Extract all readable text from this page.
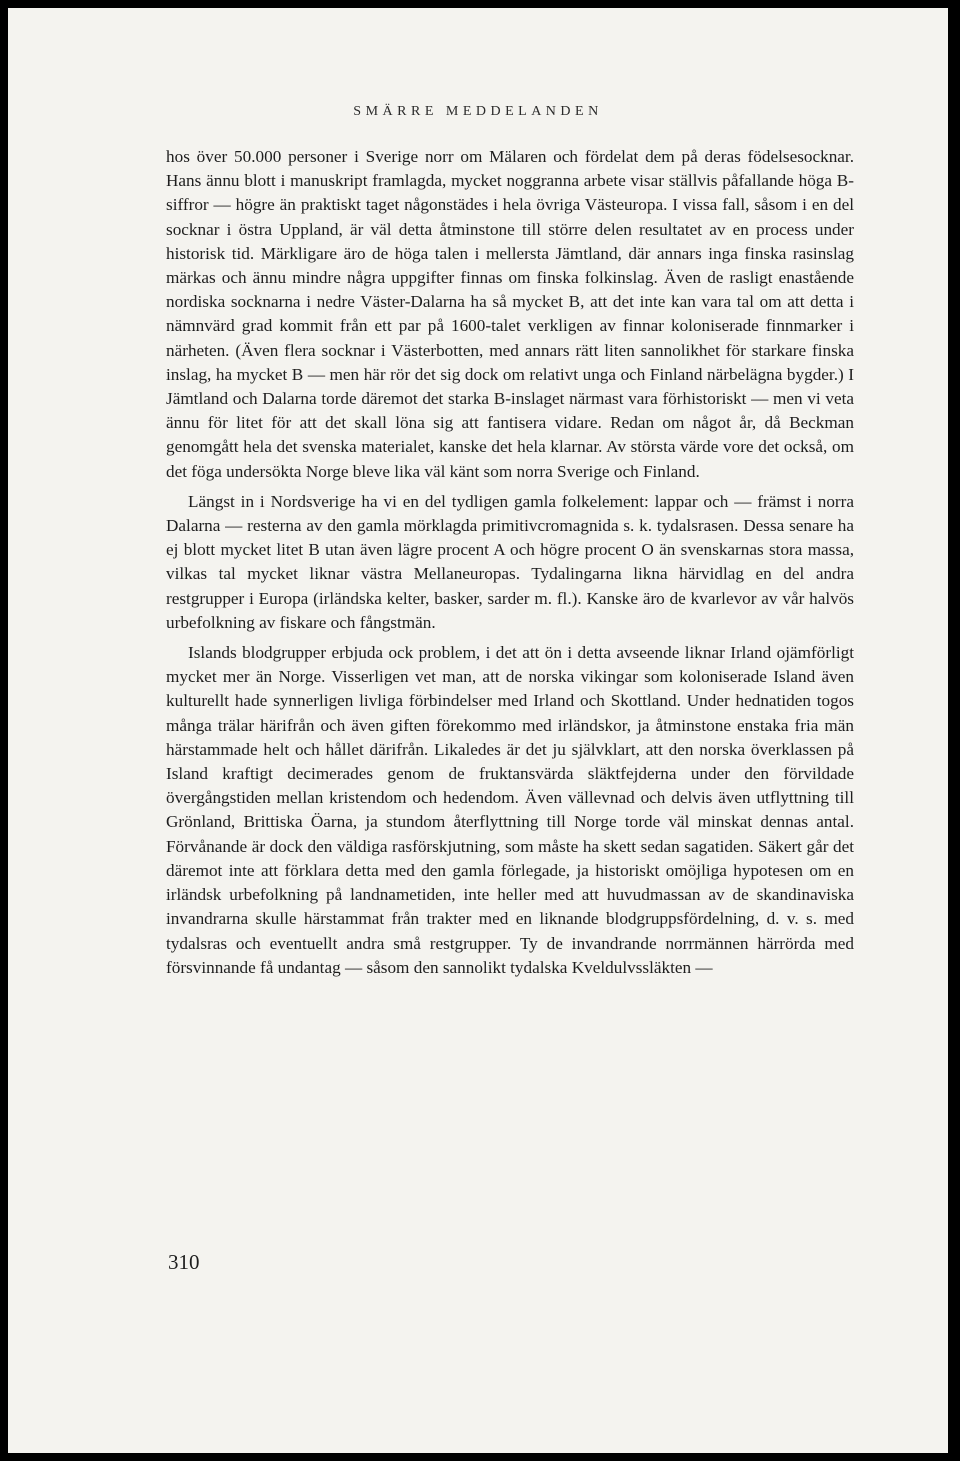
SMÄRRE MEDDELANDEN

hos över 50.000 personer i Sverige norr om Mälaren och fördelat dem på deras födelsesocknar. Hans ännu blott i manuskript framlagda, mycket noggranna arbete visar ställvis påfallande höga B-siffror — högre än praktiskt taget någonstädes i hela övriga Västeuropa. I vissa fall, såsom i en del socknar i östra Uppland, är väl detta åtminstone till större delen resultatet av en process under historisk tid. Märkligare äro de höga talen i mellersta Jämtland, där annars inga finska rasinslag märkas och ännu mindre några uppgifter finnas om finska folkinslag. Även de rasligt enastående nordiska socknarna i nedre Väster-Dalarna ha så mycket B, att det inte kan vara tal om att detta i nämnvärd grad kommit från ett par på 1600-talet verkligen av finnar koloniserade finnmarker i närheten. (Även flera socknar i Västerbotten, med annars rätt liten sannolikhet för starkare finska inslag, ha mycket B — men här rör det sig dock om relativt unga och Finland närbelägna bygder.) I Jämtland och Dalarna torde däremot det starka B-inslaget närmast vara förhistoriskt — men vi veta ännu för litet för att det skall löna sig att fantisera vidare. Redan om något år, då Beckman genomgått hela det svenska materialet, kanske det hela klarnar. Av största värde vore det också, om det föga undersökta Norge bleve lika väl känt som norra Sverige och Finland.

Längst in i Nordsverige ha vi en del tydligen gamla folkelement: lappar och — främst i norra Dalarna — resterna av den gamla mörklagda primitivcromagnida s. k. tydalsrasen. Dessa senare ha ej blott mycket litet B utan även lägre procent A och högre procent O än svenskarnas stora massa, vilkas tal mycket liknar västra Mellaneuropas. Tydalingarna likna härvidlag en del andra restgrupper i Europa (irländska kelter, basker, sarder m. fl.). Kanske äro de kvarlevor av vår halvös urbefolkning av fiskare och fångstmän.

Islands blodgrupper erbjuda ock problem, i det att ön i detta avseende liknar Irland ojämförligt mycket mer än Norge. Visserligen vet man, att de norska vikingar som koloniserade Island även kulturellt hade synnerligen livliga förbindelser med Irland och Skottland. Under hednatiden togos många trälar härifrån och även giften förekommo med irländskor, ja åtminstone enstaka fria män härstammade helt och hållet därifrån. Likaledes är det ju självklart, att den norska överklassen på Island kraftigt decimerades genom de fruktansvärda släktfejderna under den förvildade övergångstiden mellan kristendom och hedendom. Även vällevnad och delvis även utflyttning till Grönland, Brittiska Öarna, ja stundom återflyttning till Norge torde väl minskat dennas antal. Förvånande är dock den väldiga rasförskjutning, som måste ha skett sedan sagatiden. Säkert går det däremot inte att förklara detta med den gamla förlegade, ja historiskt omöjliga hypotesen om en irländsk urbefolkning på landnametiden, inte heller med att huvudmassan av de skandinaviska invandrarna skulle härstammat från trakter med en liknande blodgruppsfördelning, d. v. s. med tydalsras och eventuellt andra små restgrupper. Ty de invandrande norrmännen härrörda med försvinnande få undantag — såsom den sannolikt tydalska Kveldulvssläkten —

310
